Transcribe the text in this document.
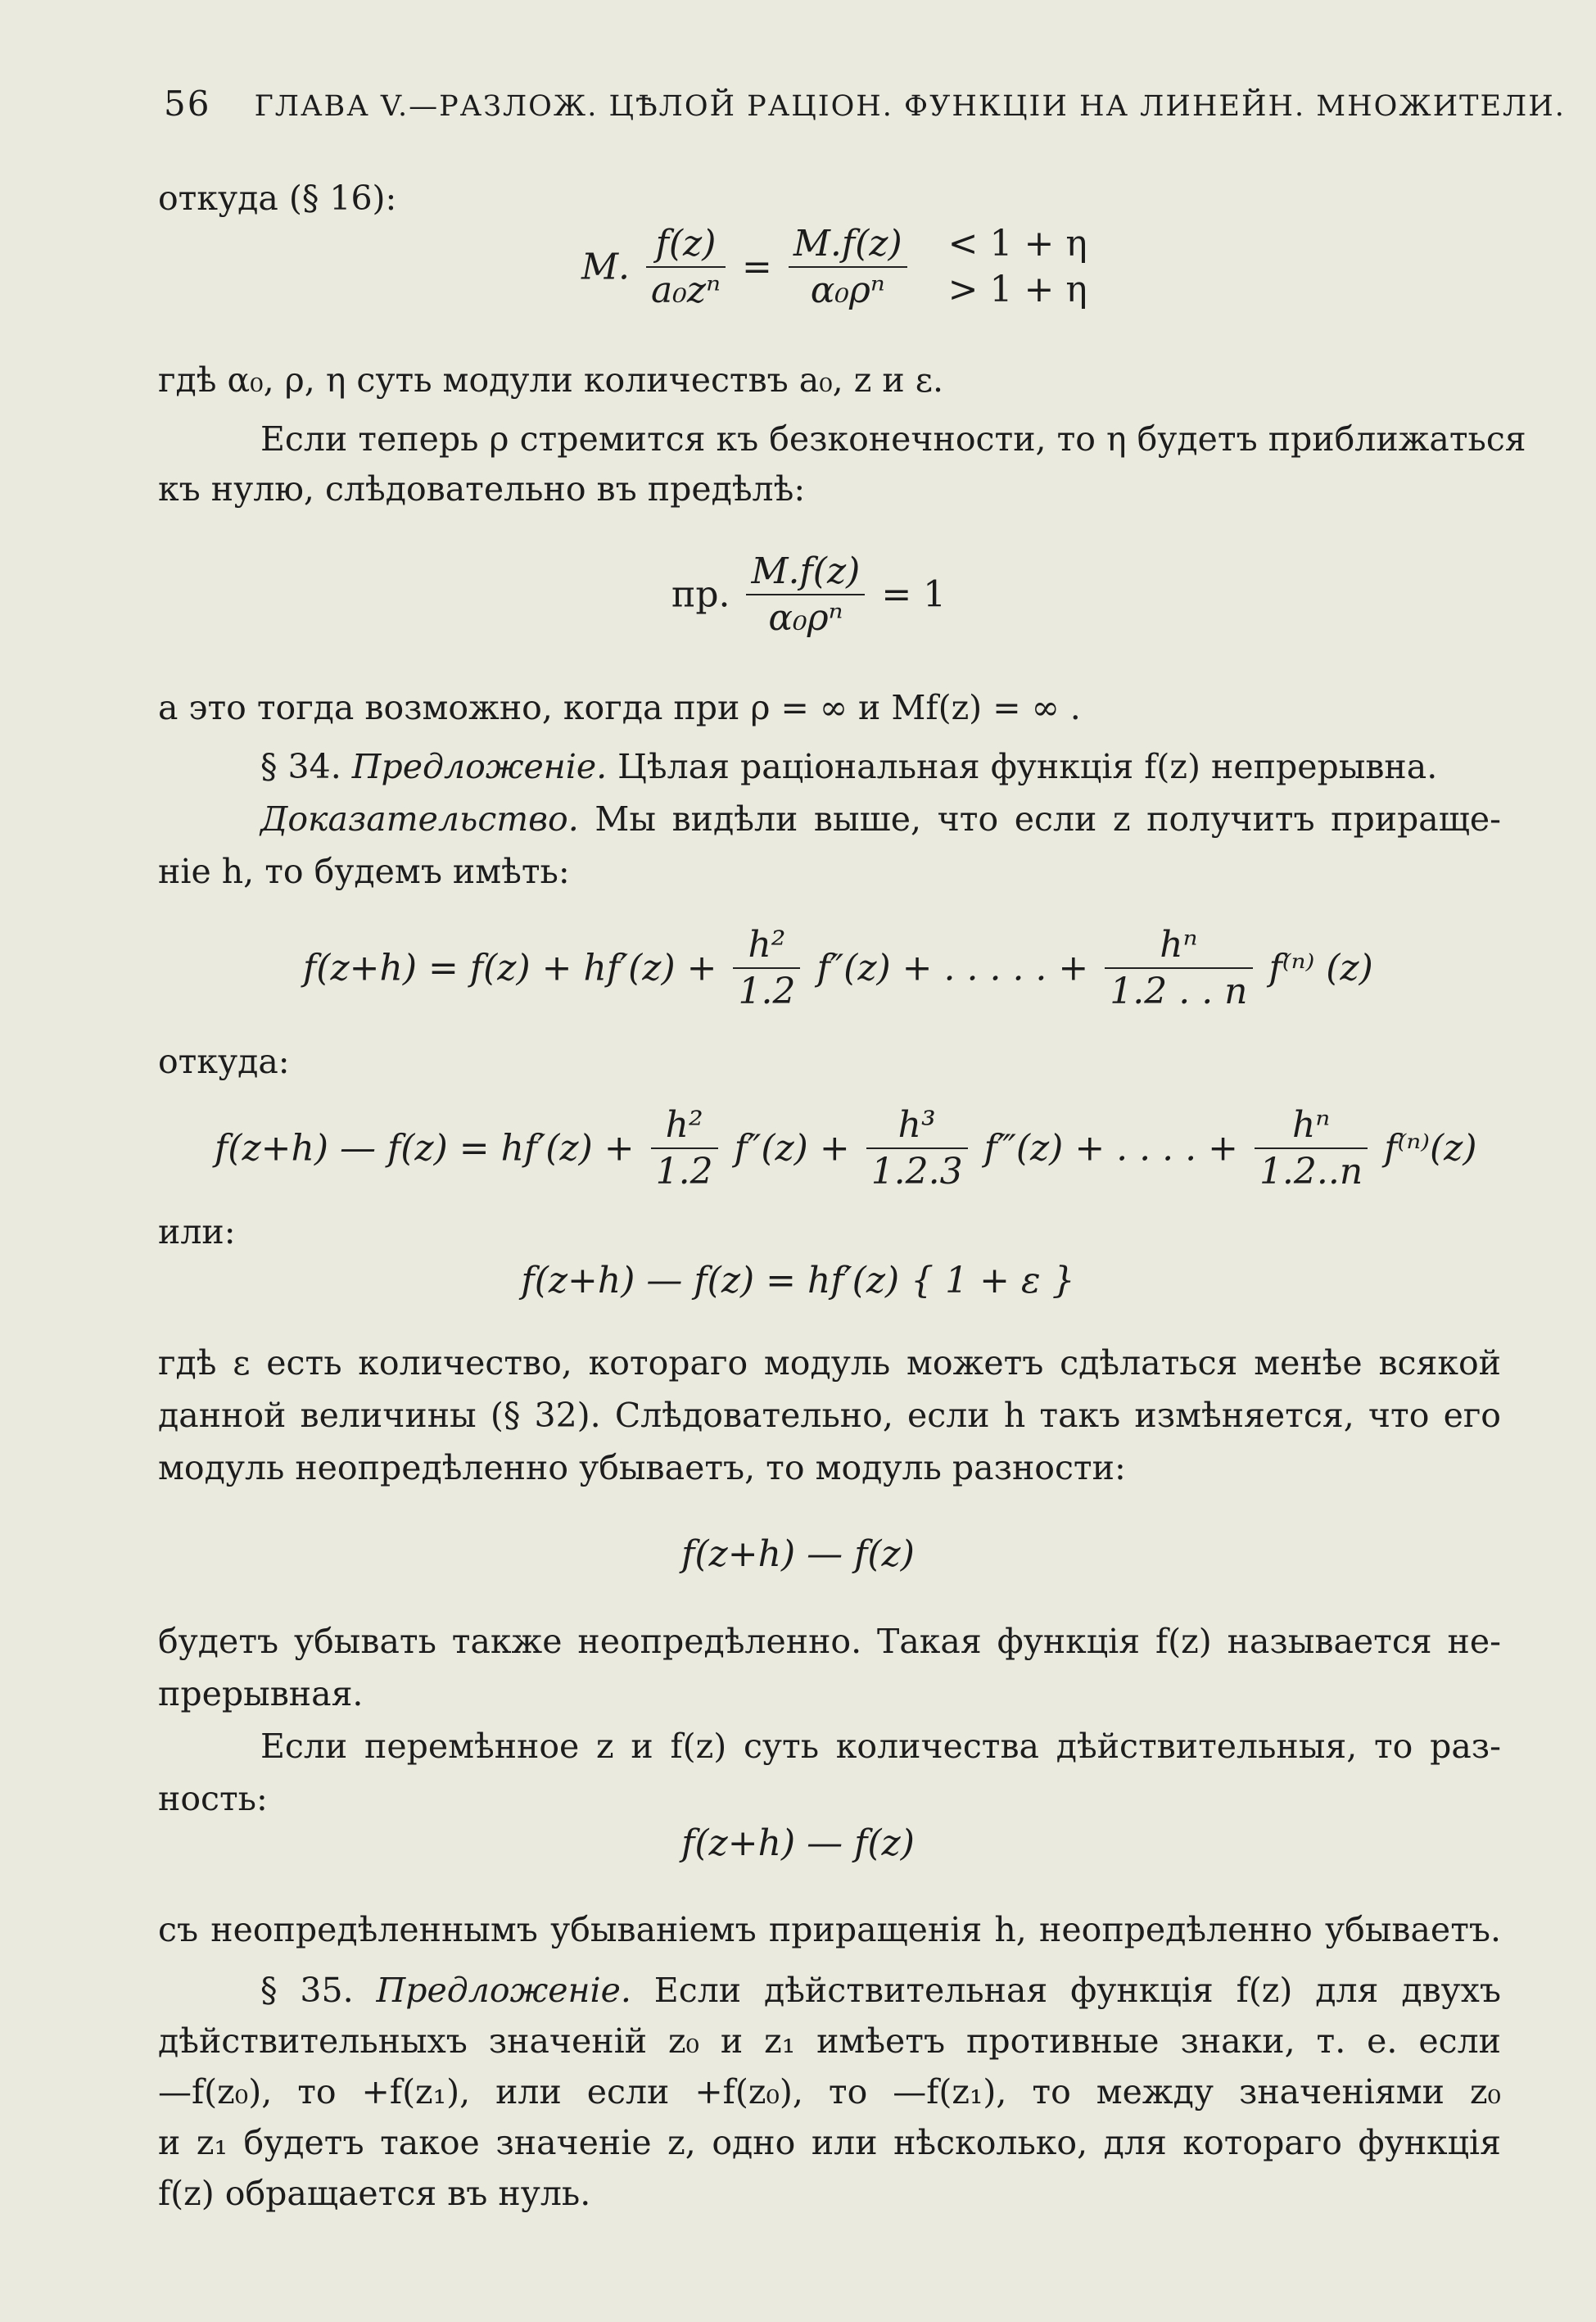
56 ГЛАВА V.—РАЗЛОЖ. ЦѢЛОЙ РАЦІОН. ФУНКЦІИ НА ЛИНЕЙН. МНОЖИТЕЛИ.
откуда (§ 16):
M. $\frac{f(z)}{\text{a₀zⁿ}} = \frac{M.f(z)}{\text{α₀ρⁿ}}$
< 1 + η
> 1 + η
гдѣ α₀, ρ, η суть модули количествъ a₀, z и ε.
Если теперь ρ стремится къ безконечности, то η будетъ приближаться
къ нулю, слѣдовательно въ предѣлѣ:
пр. $\frac{M.f(z)}{\text{α₀ρⁿ}} = 1$
а это тогда возможно, когда при ρ = ∞ и Mf(z) = ∞ .
§ 34. Предложеніе. Цѣлая раціональная функція f(z) непрерывна.
Доказательство. Мы видѣли выше, что если z получитъ прираще-
ніе h, то будемъ имѣть:
$f(z+h) = f(z) + hf'(z) + \frac{\text{h²}}{1.2} f''(z)$ + . . . . . + $\frac{\text{hⁿ}}{1.2 . . n} f^{(n)}$ (z)
откуда:
f(z+h) — $f(z) = hf'(z) + \frac{\text{h²}}{1.2} f''(z) + \frac{\text{h³}}{1.2.3}$ f‴(z) + . . . . + $\frac{\text{hⁿ}}{1.2..n} f^{(n)}(z)$
или:
f(z+h) — f(z) = hf′(z) { 1 + ε }
гдѣ ε есть количество, котораго модуль можетъ сдѣлаться менѣе всякой
данной величины (§ 32). Слѣдовательно, если h такъ измѣняется, что его
модуль неопредѣленно убываетъ, то модуль разности:
f(z+h) — f(z)
будетъ убывать также неопредѣленно. Такая функція f(z) называется не-
прерывная.
Если перемѣнное z и f(z) суть количества дѣйствительныя, то раз-
ность:
f(z+h) — f(z)
съ неопредѣленнымъ убываніемъ приращенія h, неопредѣленно убываетъ.
§ 35. Предложеніе. Если дѣйствительная функція f(z) для двухъ
дѣйствительныхъ значеній z₀ и z₁ имѣетъ противные знаки, т. е. если
—f(z₀), то +f(z₁), или если +f(z₀), то —f(z₁), то между значеніями z₀
и z₁ будетъ такое значеніе z, одно или нѣсколько, для котораго функція
f(z) обращается въ нуль.
